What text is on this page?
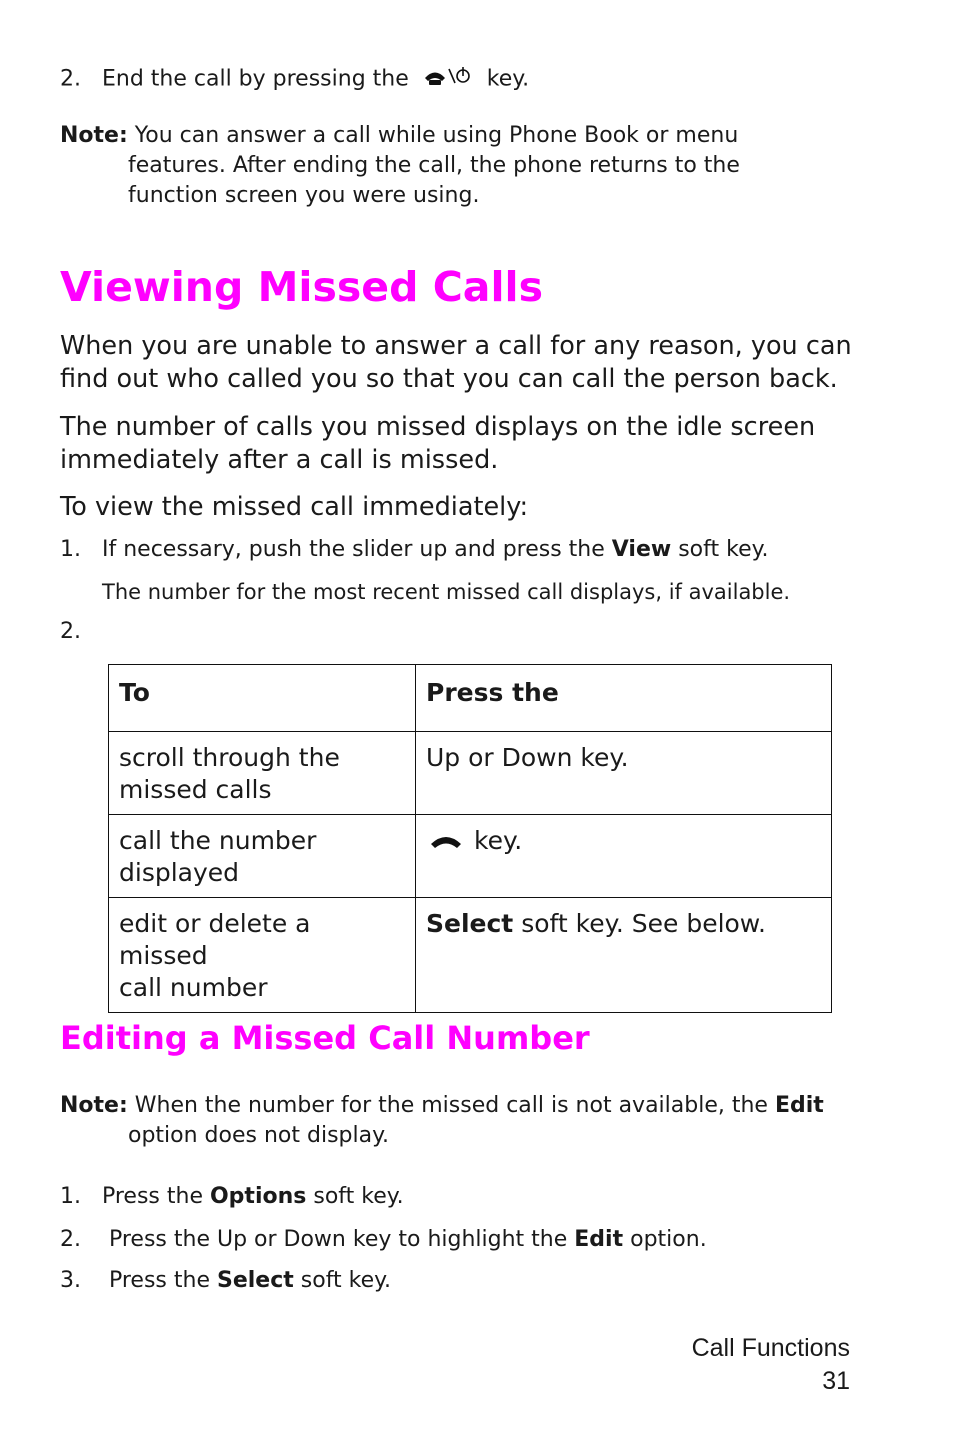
2. End the call by pressing the	key.
Note: You can answer a call while using Phone Book or menu
features. After ending the call, the phone returns to the
function screen you were using.
Viewing Missed Calls
When you are unable to answer a call for any reason, you can
find out who called you so that you can call the person back.
The number of calls you missed displays on the idle screen
immediately after a call is missed.
To view the missed call immediately:
1. If necessary, push the slider up and press the View soft key.
The number for the most recent missed call displays, if available.
2.
To	Press the

scroll through the
missed calls	Up or Down key.

call the number
displayed	key.

edit or delete a missed
call number	Select soft key. See below.
Editing a Missed Call Number
Note: When the number for the missed call is not available, the Edit
option does not display.
1. Press the Options soft key.
2. Press the Up or Down key to highlight the Edit option.
3. Press the Select soft key.
Call Functions
31
